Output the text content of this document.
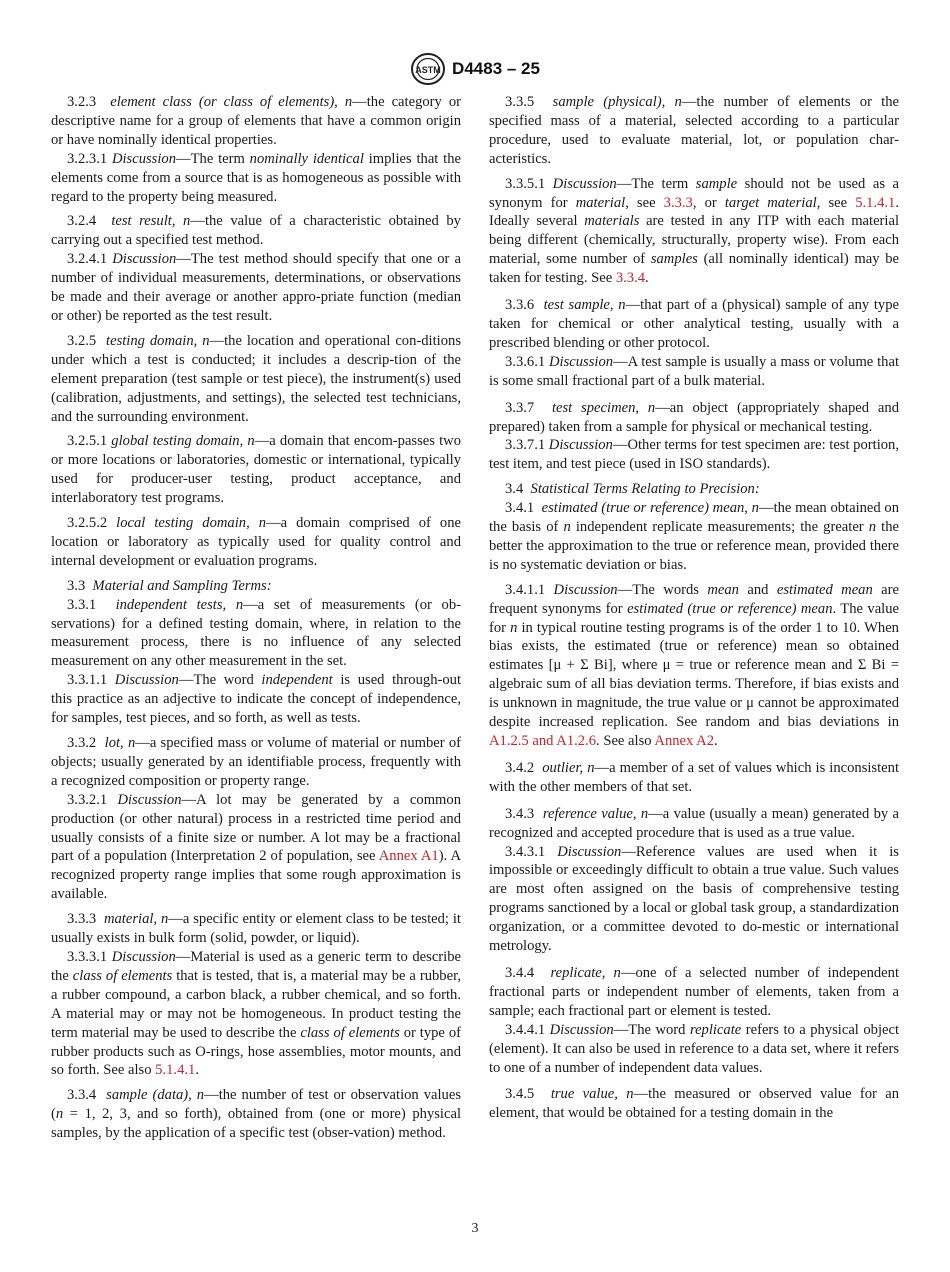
ASTM D4483 – 25

3.2.3 element class (or class of elements), n—the category or descriptive name for a group of elements that have a common origin or have nominally identical properties.

3.2.3.1 Discussion—The term nominally identical implies that the elements come from a source that is as homogeneous as possible with regard to the property being measured.

3.2.4 test result, n—the value of a characteristic obtained by carrying out a specified test method.

3.2.4.1 Discussion—The test method should specify that one or a number of individual measurements, determinations, or observations be made and their average or another appro-priate function (median or other) be reported as the test result.

3.2.5 testing domain, n—the location and operational con-ditions under which a test is conducted; it includes a descrip-tion of the element preparation (test sample or test piece), the instrument(s) used (calibration, adjustments, and settings), the selected test technicians, and the surrounding environment.

3.2.5.1 global testing domain, n—a domain that encom-passes two or more locations or laboratories, domestic or international, typically used for producer-user testing, product acceptance, and interlaboratory test programs.

3.2.5.2 local testing domain, n—a domain comprised of one location or laboratory as typically used for quality control and internal development or evaluation programs.

3.3 Material and Sampling Terms:

3.3.1 independent tests, n—a set of measurements (or ob-servations) for a defined testing domain, where, in relation to the measurement process, there is no influence of any selected measurement on any other measurement in the set.

3.3.1.1 Discussion—The word independent is used through-out this practice as an adjective to indicate the concept of independence, for samples, test pieces, and so forth, as well as tests.

3.3.2 lot, n—a specified mass or volume of material or number of objects; usually generated by an identifiable process, frequently with a recognized composition or property range.

3.3.2.1 Discussion—A lot may be generated by a common production (or other natural) process in a restricted time period and usually consists of a finite size or number. A lot may be a fractional part of a population (Interpretation 2 of population, see Annex A1). A recognized property range implies that some rough approximation is available.

3.3.3 material, n—a specific entity or element class to be tested; it usually exists in bulk form (solid, powder, or liquid).

3.3.3.1 Discussion—Material is used as a generic term to describe the class of elements that is tested, that is, a material may be a rubber, a rubber compound, a carbon black, a rubber chemical, and so forth. A material may or may not be homogeneous. In product testing the term material may be used to describe the class of elements or type of rubber products such as O-rings, hose assemblies, motor mounts, and so forth. See also 5.1.4.1.

3.3.4 sample (data), n—the number of test or observation values (n = 1, 2, 3, and so forth), obtained from (one or more) physical samples, by the application of a specific test (obser-vation) method.

3.3.5 sample (physical), n—the number of elements or the specified mass of a material, selected according to a particular procedure, used to evaluate material, lot, or population char-acteristics.

3.3.5.1 Discussion—The term sample should not be used as a synonym for material, see 3.3.3, or target material, see 5.1.4.1. Ideally several materials are tested in any ITP with each material being different (chemically, structurally, property wise). From each material, some number of samples (all nominally identical) may be taken for testing. See 3.3.4.

3.3.6 test sample, n—that part of a (physical) sample of any type taken for chemical or other analytical testing, usually with a prescribed blending or other protocol.

3.3.6.1 Discussion—A test sample is usually a mass or volume that is some small fractional part of a bulk material.

3.3.7 test specimen, n—an object (appropriately shaped and prepared) taken from a sample for physical or mechanical testing.

3.3.7.1 Discussion—Other terms for test specimen are: test portion, test item, and test piece (used in ISO standards).

3.4 Statistical Terms Relating to Precision:

3.4.1 estimated (true or reference) mean, n—the mean obtained on the basis of n independent replicate measurements; the greater n the better the approximation to the true or reference mean, provided there is no systematic deviation or bias.

3.4.1.1 Discussion—The words mean and estimated mean are frequent synonyms for estimated (true or reference) mean. The value for n in typical routine testing programs is of the order 1 to 10. When bias exists, the estimated (true or reference) mean so obtained estimates [μ + Σ Bi], where μ = true or reference mean and Σ Bi = algebraic sum of all bias deviation terms. Therefore, if bias exists and is unknown in magnitude, the true value or μ cannot be approximated despite increased replication. See random and bias deviations in A1.2.5 and A1.2.6. See also Annex A2.

3.4.2 outlier, n—a member of a set of values which is inconsistent with the other members of that set.

3.4.3 reference value, n—a value (usually a mean) generated by a recognized and accepted procedure that is used as a true value.

3.4.3.1 Discussion—Reference values are used when it is impossible or exceedingly difficult to obtain a true value. Such values are most often assigned on the basis of comprehensive testing programs sanctioned by a local or global task group, a standardization organization, or a committee devoted to do-mestic or international metrology.

3.4.4 replicate, n—one of a selected number of independent fractional parts or independent number of elements, taken from a sample; each fractional part or element is tested.

3.4.4.1 Discussion—The word replicate refers to a physical object (element). It can also be used in reference to a data set, where it refers to one of a number of independent data values.

3.4.5 true value, n—the measured or observed value for an element, that would be obtained for a testing domain in the

3
